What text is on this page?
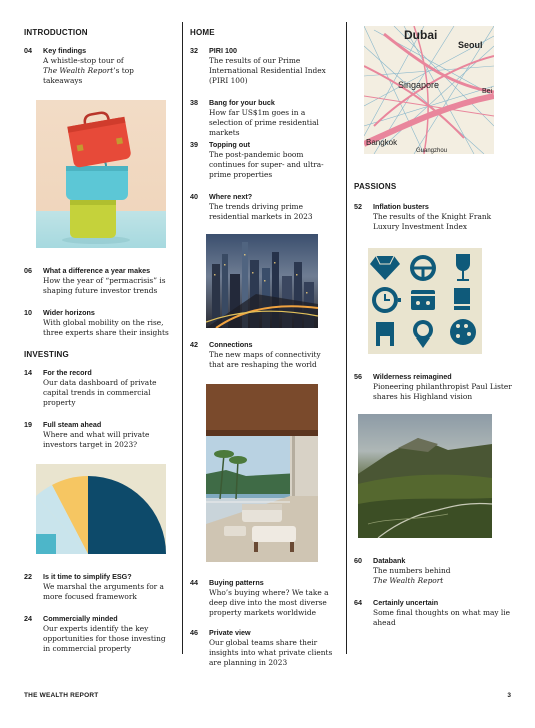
INTRODUCTION
04 Key findings
A whistle-stop tour of
The Wealth Report’s top takeaways
06 What a difference a year makes
How the year of “permacrisis” is shaping future investor trends
10 Wider horizons
With global mobility on the rise, three experts share their insights
INVESTING
14 For the record
Our data dashboard of private capital trends in commercial property
19 Full steam ahead
Where and what will private investors target in 2023?
22 Is it time to simplify ESG?
We marshal the arguments for a more focused framework
24 Commercially minded
Our experts identify the key opportunities for those investing in commercial property
HOME
32 PIRI 100
The results of our Prime International Residential Index (PIRI 100)
38 Bang for your buck
How far US$1m goes in a selection of prime residential markets
39 Topping out
The post-pandemic boom continues for super- and ultra-prime properties
40 Where next?
The trends driving prime residential markets in 2023
42 Connections
The new maps of connectivity that are reshaping the world
44 Buying patterns
Who’s buying where? We take a deep dive into the most diverse property markets worldwide
46 Private view
Our global teams share their insights into what private clients are planning in 2023
Dubai
Seoul
Singapore
Bei
Bangkok
Guangzhou
PASSIONS
52 Inflation busters
The results of the Knight Frank Luxury Investment Index
56 Wilderness reimagined
Pioneering philanthropist Paul Lister shares his Highland vision
60 Databank
The numbers behind
The Wealth Report
64 Certainly uncertain
Some final thoughts on what may lie ahead
THE WEALTH REPORT	3
